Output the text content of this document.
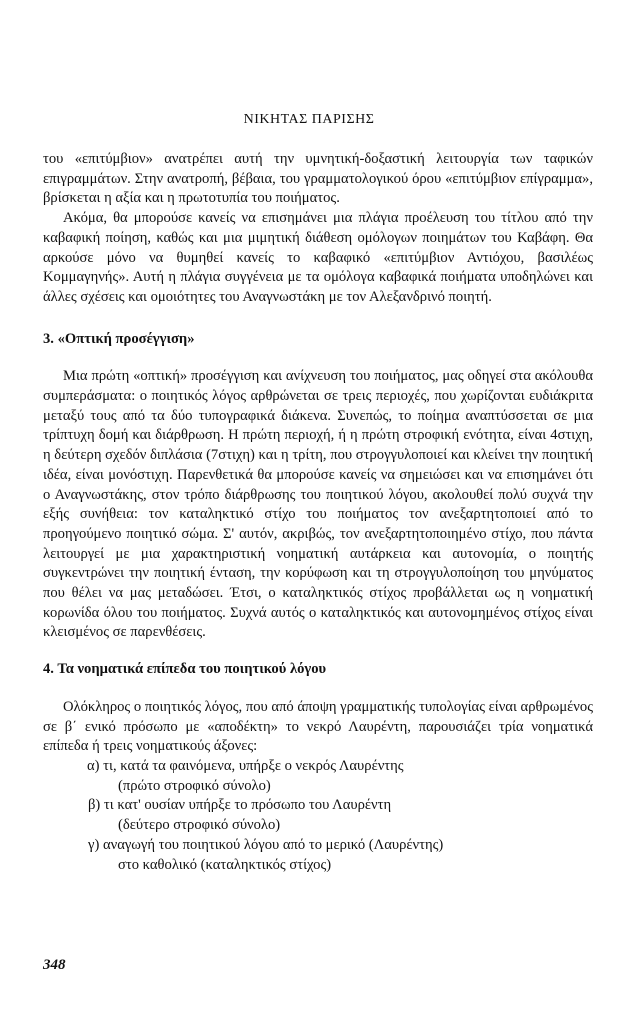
ΝΙΚΗΤΑΣ ΠΑΡΙΣΗΣ

του «επιτύμβιον» ανατρέπει αυτή την υμνητική-δοξαστική λειτουργία των ταφικών επιγραμμάτων. Στην ανατροπή, βέβαια, του γραμματολογικού όρου «επιτύμβιον επίγραμμα», βρίσκεται η αξία και η πρωτοτυπία του ποιήματος.

Ακόμα, θα μπορούσε κανείς να επισημάνει μια πλάγια προέλευση του τίτλου από την καβαφική ποίηση, καθώς και μια μιμητική διάθεση ομόλογων ποιημάτων του Καβάφη. Θα αρκούσε μόνο να θυμηθεί κανείς το καβαφικό «επιτύμβιον Αντιόχου, βασιλέως Κομμαγηνής». Αυτή η πλάγια συγγένεια με τα ομόλογα καβαφικά ποιήματα υποδηλώνει και άλλες σχέσεις και ομοιότητες του Αναγνωστάκη με τον Αλεξανδρινό ποιητή.

3. «Οπτική προσέγγιση»

Μια πρώτη «οπτική» προσέγγιση και ανίχνευση του ποιήματος, μας οδηγεί στα ακόλουθα συμπεράσματα: ο ποιητικός λόγος αρθρώνεται σε τρεις περιοχές, που χωρίζονται ευδιάκριτα μεταξύ τους από τα δύο τυπογραφικά διάκενα. Συνεπώς, το ποίημα αναπτύσσεται σε μια τρίπτυχη δομή και διάρθρωση. Η πρώτη περιοχή, ή η πρώτη στροφική ενότητα, είναι 4στιχη, η δεύτερη σχεδόν διπλάσια (7στιχη) και η τρίτη, που στρογγυλοποιεί και κλείνει την ποιητική ιδέα, είναι μονόστιχη. Παρενθετικά θα μπορούσε κανείς να σημειώσει και να επισημάνει ότι ο Αναγνωστάκης, στον τρόπο διάρθρωσης του ποιητικού λόγου, ακολουθεί πολύ συχνά την εξής συνήθεια: τον καταληκτικό στίχο του ποιήματος τον ανεξαρτητοποιεί από το προηγούμενο ποιητικό σώμα. Σ' αυτόν, ακριβώς, τον ανεξαρτητοποιημένο στίχο, που πάντα λειτουργεί με μια χαρακτηριστική νοηματική αυτάρκεια και αυτονομία, ο ποιητής συγκεντρώνει την ποιητική ένταση, την κορύφωση και τη στρογγυλοποίηση του μηνύματος που θέλει να μας μεταδώσει. Έτσι, ο καταληκτικός στίχος προβάλλεται ως η νοηματική κορωνίδα όλου του ποιήματος. Συχνά αυτός ο καταληκτικός και αυτονομημένος στίχος είναι κλεισμένος σε παρενθέσεις.

4. Τα νοηματικά επίπεδα του ποιητικού λόγου

Ολόκληρος ο ποιητικός λόγος, που από άποψη γραμματικής τυπολογίας είναι αρθρωμένος σε β΄ ενικό πρόσωπο με «αποδέκτη» το νεκρό Λαυρέντη, παρουσιάζει τρία νοηματικά επίπεδα ή τρεις νοηματικούς άξονες:

α) τι, κατά τα φαινόμενα, υπήρξε ο νεκρός Λαυρέντης
(πρώτο στροφικό σύνολο)
β) τι κατ' ουσίαν υπήρξε το πρόσωπο του Λαυρέντη
(δεύτερο στροφικό σύνολο)
γ) αναγωγή του ποιητικού λόγου από το μερικό (Λαυρέντης)
στο καθολικό (καταληκτικός στίχος)
348
